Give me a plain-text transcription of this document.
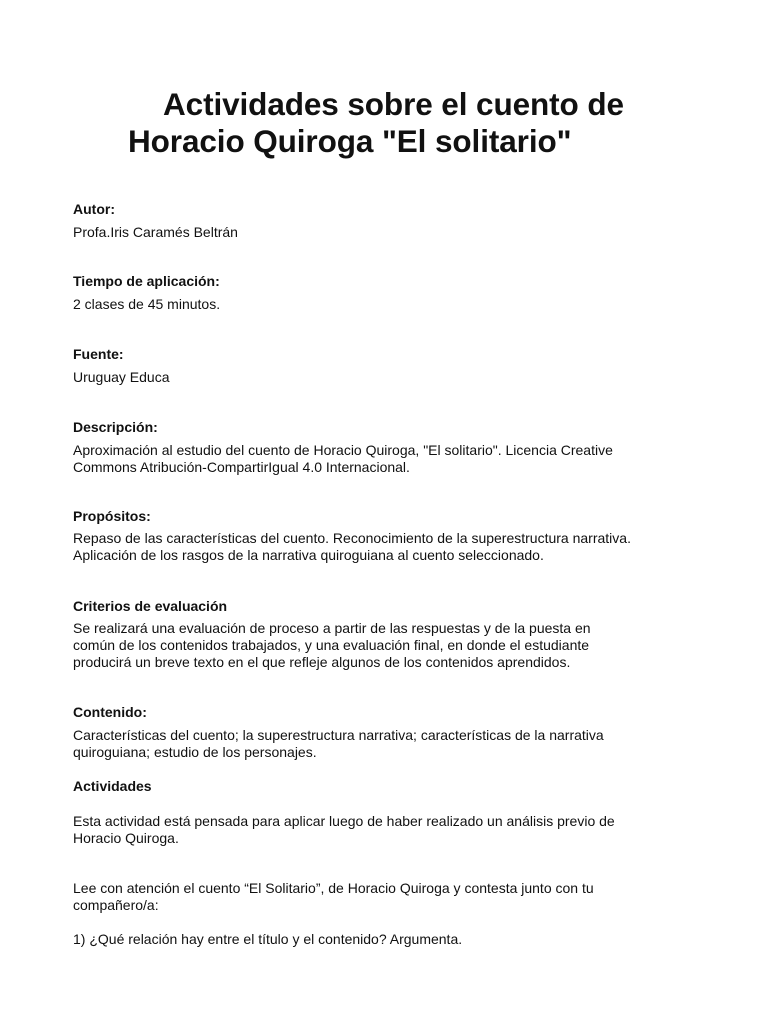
Actividades sobre el cuento de
Horacio Quiroga "El solitario"

Autor:

Profa.Iris Caramés Beltrán

Tiempo de aplicación:

2 clases de 45 minutos.

Fuente:

Uruguay Educa

Descripción:

Aproximación al estudio del cuento de Horacio Quiroga, "El solitario". Licencia Creative

Commons Atribución-CompartirIgual 4.0 Internacional.

Propósitos:

Repaso de las características del cuento. Reconocimiento de la superestructura narrativa.

Aplicación de los rasgos de la narrativa quiroguiana al cuento seleccionado.

Criterios de evaluación

Se realizará una evaluación de proceso a partir de las respuestas y de la puesta en

común de los contenidos trabajados, y una evaluación final, en donde el estudiante

producirá un breve texto en el que refleje algunos de los contenidos aprendidos.

Contenido:

Características del cuento; la superestructura narrativa; características de la narrativa

quiroguiana; estudio de los personajes.

Actividades

Esta actividad está pensada para aplicar luego de haber realizado un análisis previo de

Horacio Quiroga.

Lee con atención el cuento “El Solitario”, de Horacio Quiroga y contesta junto con tu

compañero/a:

1) ¿Qué relación hay entre el título y el contenido? Argumenta.
